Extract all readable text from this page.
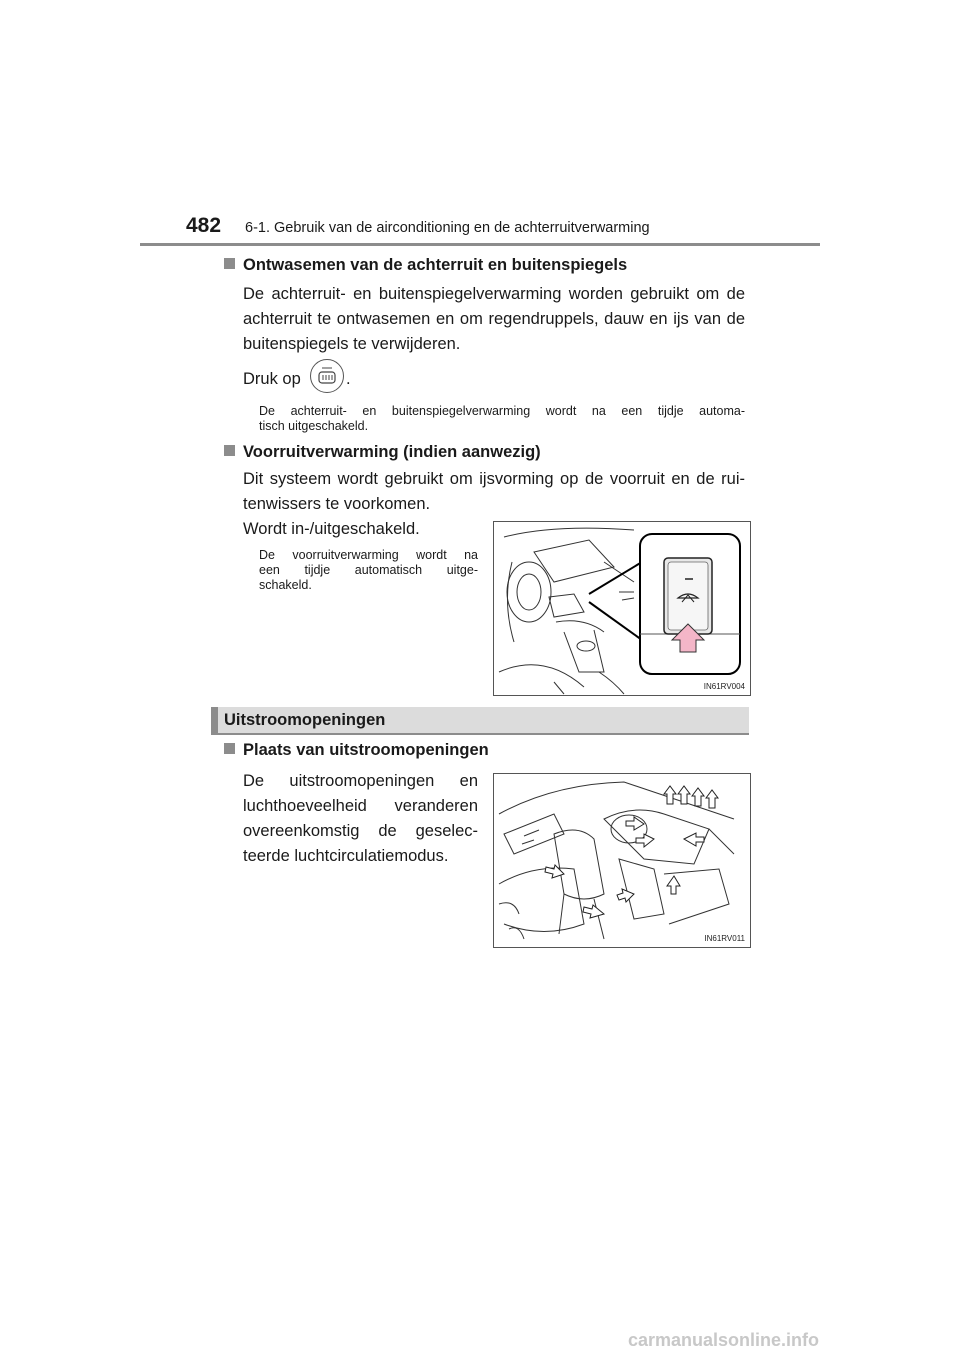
482 6-1. Gebruik van de airconditioning en de achterruitverwarming
Ontwasemen van de achterruit en buitenspiegels
De achterruit- en buitenspiegelverwarming worden gebruikt om de
achterruit te ontwasemen en om regendruppels, dauw en ijs van de
buitenspiegels te verwijderen.
Druk op	.
De achterruit- en buitenspiegelverwarming wordt na een tijdje automa-
tisch uitgeschakeld.
Voorruitverwarming (indien aanwezig)
Dit systeem wordt gebruikt om ijsvorming op de voorruit en de rui-
tenwissers te voorkomen.
Wordt in-/uitgeschakeld.
De voorruitverwarming wordt na
een tijdje automatisch uitge-
schakeld.
IN61RV004
Uitstroomopeningen
Plaats van uitstroomopeningen
De uitstroomopeningen en
luchthoeveelheid veranderen
overeenkomstig de geselec-
teerde luchtcirculatiemodus.
IN61RV011
carmanualsonline.info
